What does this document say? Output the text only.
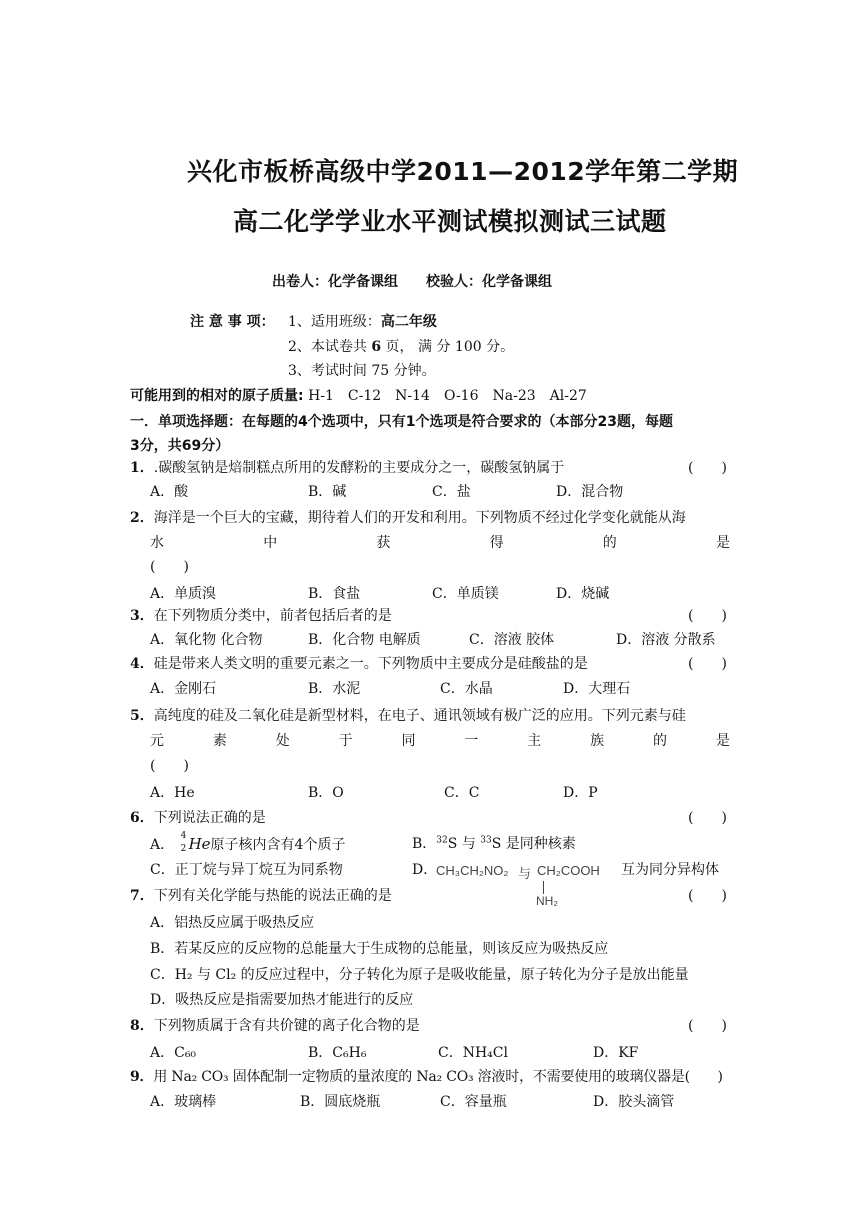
兴化市板桥高级中学2011—2012学年第二学期
高二化学学业水平测试模拟测试三试题
出卷人：化学备课组　　校验人：化学备课组
注 意 事 项： 1、适用班级：高二年级
2、本试卷共 6 页， 满 分 100 分。
3、考试时间 75 分钟。
可能用到的相对的原子质量: H-1　C-12　N-14　O-16　Na-23　Al-27
一．单项选择题：在每题的4个选项中，只有1个选项是符合要求的（本部分23题，每题
3分，共69分）
1．.碳酸氢钠是焙制糕点所用的发酵粉的主要成分之一，碳酸氢钠属于	(　　)
A．酸	B．碱	C．盐	D．混合物
2．海洋是一个巨大的宝藏，期待着人们的开发和利用。下列物质不经过化学变化就能从海
水	中	获	得	的	是
(　　)
A．单质溴	B．食盐	C．单质镁	D．烧碱
3．在下列物质分类中，前者包括后者的是	(　　)
A．氧化物 化合物	B．化合物 电解质	C．溶液 胶体	D．溶液 分散系
4．硅是带来人类文明的重要元素之一。下列物质中主要成分是硅酸盐的是	(　　)
A．金刚石	B．水泥	C．水晶	D．大理石
5．高纯度的硅及二氧化硅是新型材料，在电子、通讯领域有极广泛的应用。下列元素与硅
元	素	处	于	同	一	主	族	的	是
(　　)
A．He	B．O	C．C	D．P
6．下列说法正确的是	(　　)
A．
4
2 He原子核内含有4个质子	B．$^{32}$S 与 $^{33}$S 是同种核素
C．正丁烷与异丁烷互为同系物	D．
CH₃CH₂NO₂ 与 CH₂COOH
NH₂
互为同分异构体
7．下列有关化学能与热能的说法正确的是	(　　)
A．铝热反应属于吸热反应
B．若某反应的反应物的总能量大于生成物的总能量，则该反应为吸热反应
C．H₂ 与 Cl₂ 的反应过程中，分子转化为原子是吸收能量，原子转化为分子是放出能量
D．吸热反应是指需要加热才能进行的反应
8．下列物质属于含有共价键的离子化合物的是	(　　)
A．C₆₀	B．C₆H₆	C．NH₄Cl	D．KF
9．用 Na₂ CO₃ 固体配制一定物质的量浓度的 Na₂ CO₃ 溶液时，不需要使用的玻璃仪器是(　　)
A．玻璃棒	B．圆底烧瓶	C．容量瓶	D．胶头滴管
